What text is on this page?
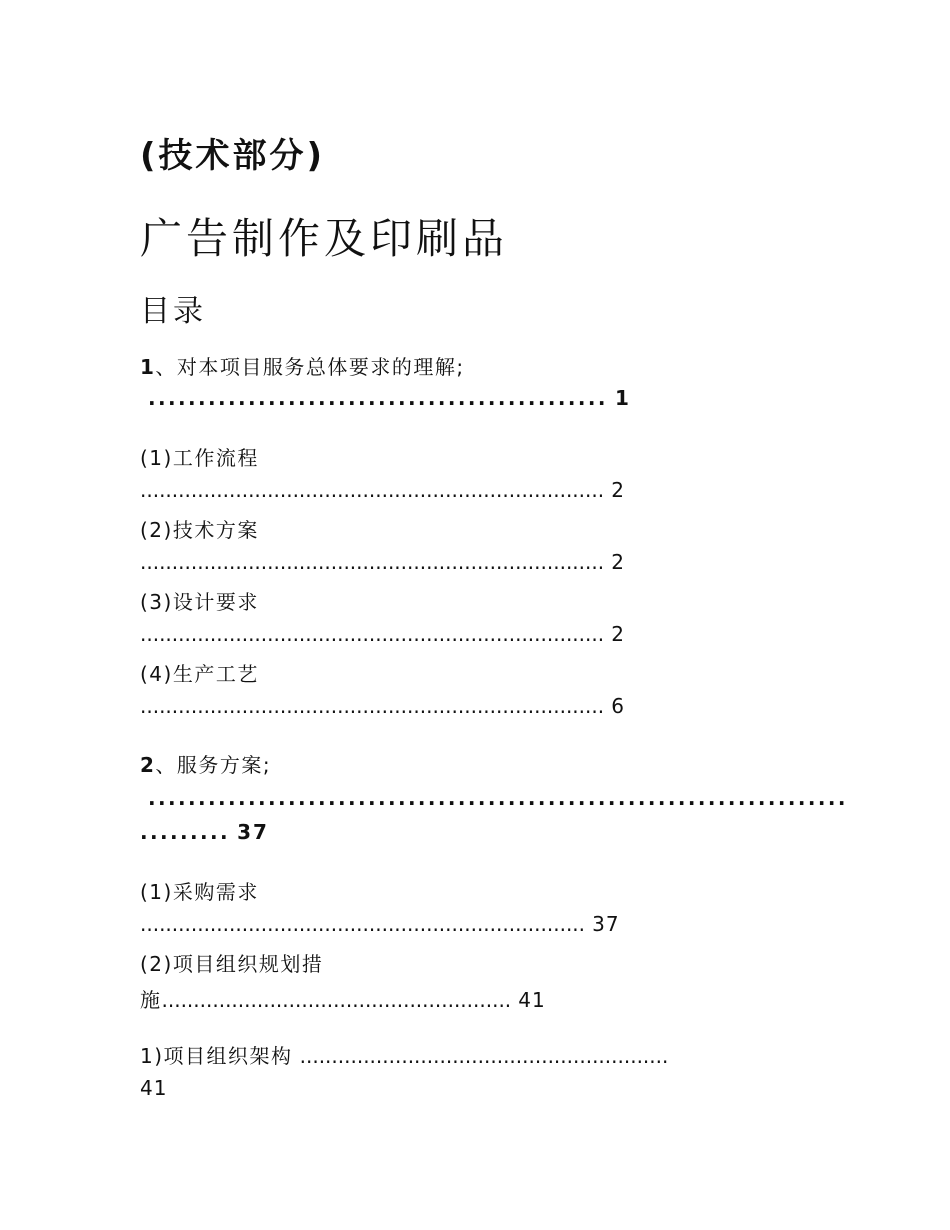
(技术部分)
广告制作及印刷品
目录
1、对本项目服务总体要求的理解;
.............................................. 1
(1)工作流程
......................................................................... 2
(2)技术方案
......................................................................... 2
(3)设计要求
......................................................................... 2
(4)生产工艺
......................................................................... 6
2、服务方案;
......................................................................
......... 37
(1)采购需求
...................................................................... 37
(2)项目组织规划措
施....................................................... 41
1)项目组织架构 ..........................................................
41
